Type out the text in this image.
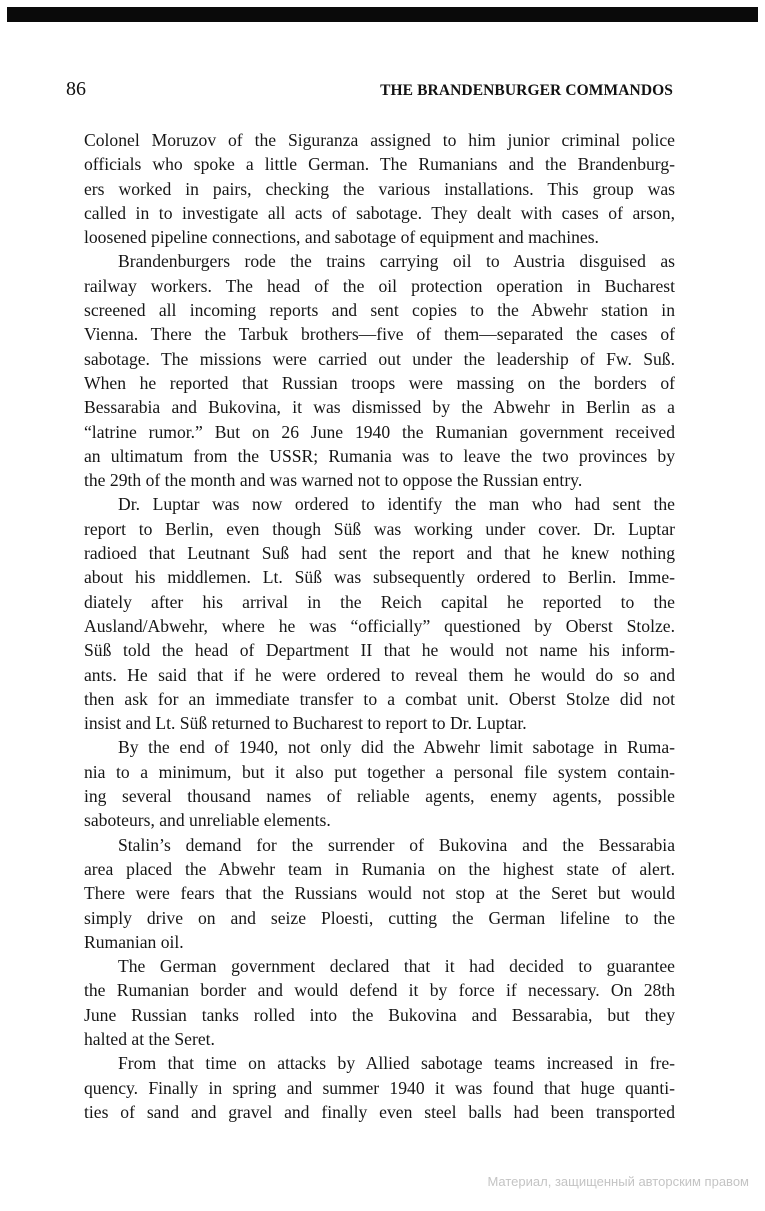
86	THE BRANDENBURGER COMMANDOS
Colonel Moruzov of the Siguranza assigned to him junior criminal police
officials who spoke a little German. The Rumanians and the Brandenburg-
ers worked in pairs, checking the various installations. This group was
called in to investigate all acts of sabotage. They dealt with cases of arson,
loosened pipeline connections, and sabotage of equipment and machines.
Brandenburgers rode the trains carrying oil to Austria disguised as
railway workers. The head of the oil protection operation in Bucharest
screened all incoming reports and sent copies to the Abwehr station in
Vienna. There the Tarbuk brothers—five of them—separated the cases of
sabotage. The missions were carried out under the leadership of Fw. Suß.
When he reported that Russian troops were massing on the borders of
Bessarabia and Bukovina, it was dismissed by the Abwehr in Berlin as a
“latrine rumor.” But on 26 June 1940 the Rumanian government received
an ultimatum from the USSR; Rumania was to leave the two provinces by
the 29th of the month and was warned not to oppose the Russian entry.
Dr. Luptar was now ordered to identify the man who had sent the
report to Berlin, even though Süß was working under cover. Dr. Luptar
radioed that Leutnant Suß had sent the report and that he knew nothing
about his middlemen. Lt. Süß was subsequently ordered to Berlin. Imme-
diately after his arrival in the Reich capital he reported to the
Ausland/Abwehr, where he was “officially” questioned by Oberst Stolze.
Süß told the head of Department II that he would not name his inform-
ants. He said that if he were ordered to reveal them he would do so and
then ask for an immediate transfer to a combat unit. Oberst Stolze did not
insist and Lt. Süß returned to Bucharest to report to Dr. Luptar.
By the end of 1940, not only did the Abwehr limit sabotage in Ruma-
nia to a minimum, but it also put together a personal file system contain-
ing several thousand names of reliable agents, enemy agents, possible
saboteurs, and unreliable elements.
Stalin’s demand for the surrender of Bukovina and the Bessarabia
area placed the Abwehr team in Rumania on the highest state of alert.
There were fears that the Russians would not stop at the Seret but would
simply drive on and seize Ploesti, cutting the German lifeline to the
Rumanian oil.
The German government declared that it had decided to guarantee
the Rumanian border and would defend it by force if necessary. On 28th
June Russian tanks rolled into the Bukovina and Bessarabia, but they
halted at the Seret.
From that time on attacks by Allied sabotage teams increased in fre-
quency. Finally in spring and summer 1940 it was found that huge quanti-
ties of sand and gravel and finally even steel balls had been transported
Материал, защищенный авторским правом
